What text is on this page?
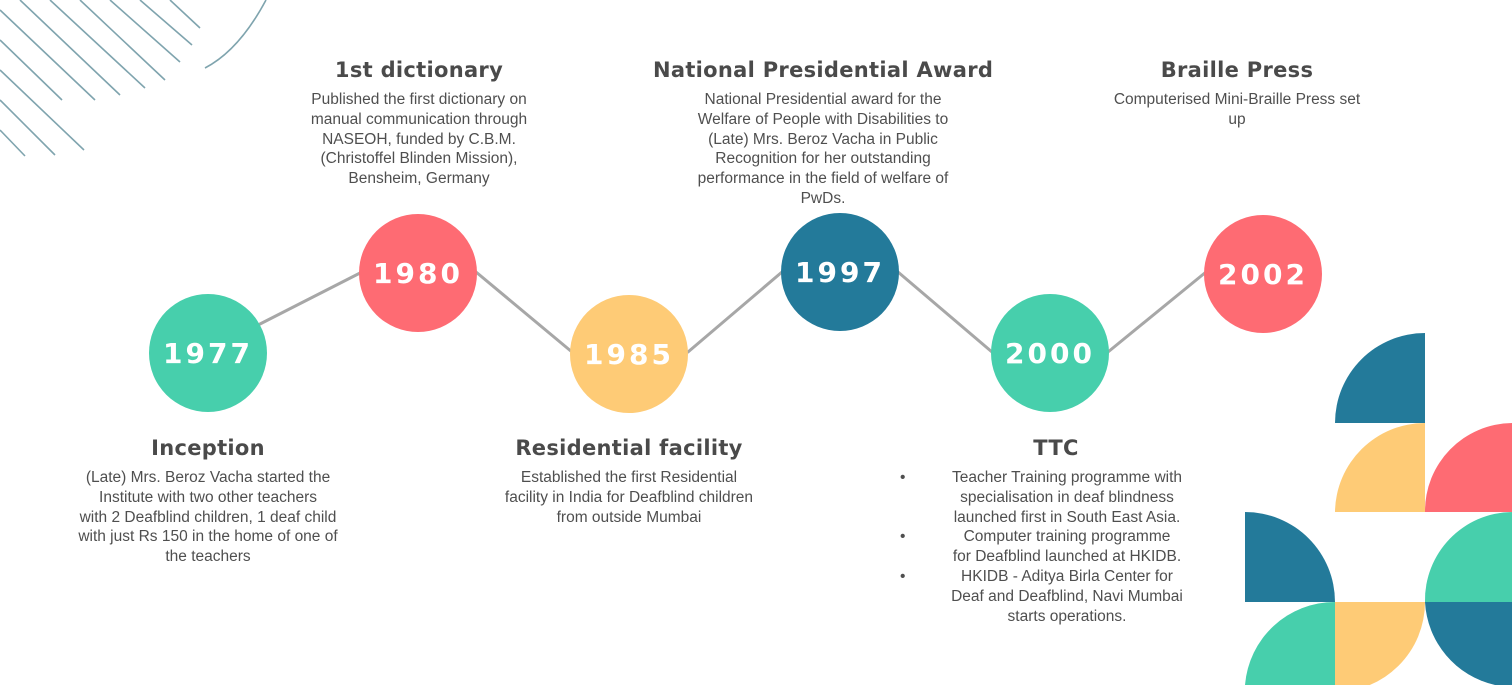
1977
1980
1985
1997
2000
2002
Inception
(Late) Mrs. Beroz Vacha started the
Institute with two other teachers
with 2 Deafblind children, 1 deaf child
with just Rs 150 in the home of one of
the teachers
1st dictionary
Published the first dictionary on
manual communication through
NASEOH, funded by C.B.M.
(Christoffel Blinden Mission),
Bensheim, Germany
Residential facility
Established the first Residential
facility in India for Deafblind children
from outside Mumbai
National Presidential Award
National Presidential award for the
Welfare of People with Disabilities to
(Late) Mrs. Beroz Vacha in Public
Recognition for her outstanding
performance in the field of welfare of
PwDs.
TTC
• Teacher Training programme with
specialisation in deaf blindness
launched first in South East Asia.
• Computer training programme
for Deafblind launched at HKIDB.
• HKIDB - Aditya Birla Center for
Deaf and Deafblind, Navi Mumbai
starts operations.
Braille Press
Computerised Mini-Braille Press set
up
